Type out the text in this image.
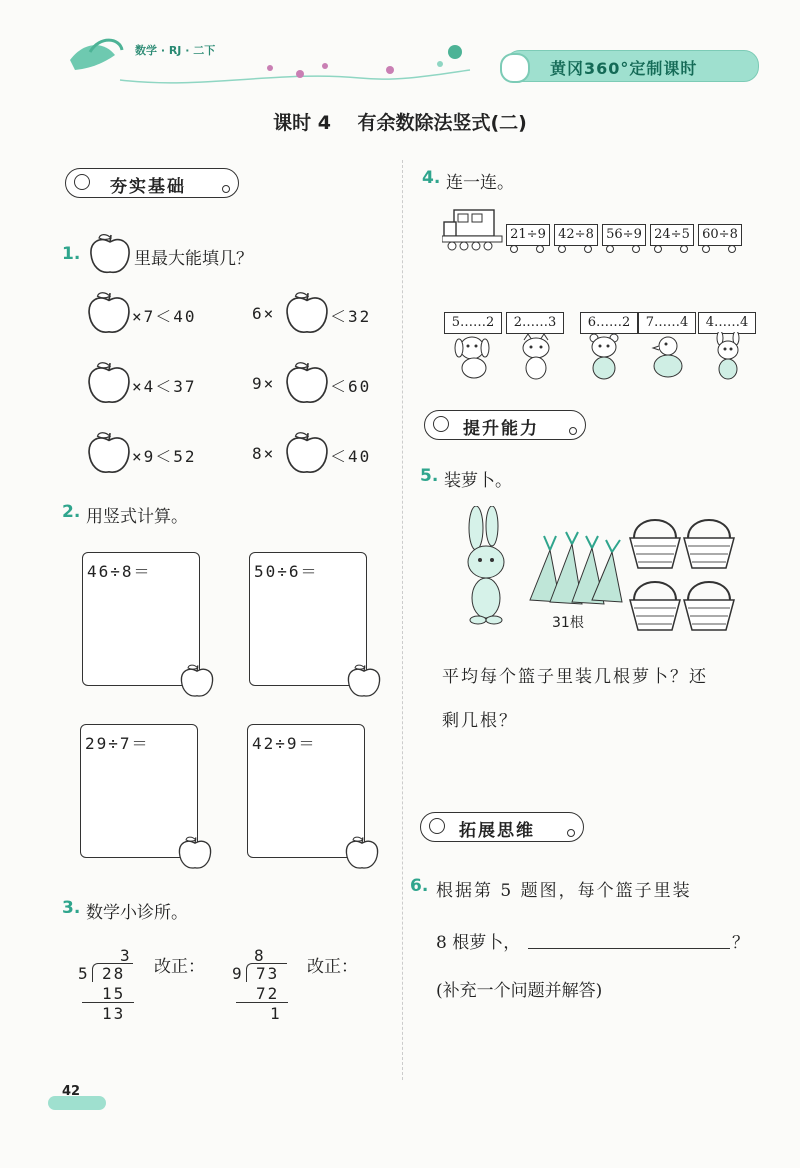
数学 · RJ · 二下
黄冈360°定制课时
课时 4    有余数除法竖式(二)
夯实基础
1.	里最大能填几？
×7＜40	6×	＜32
×4＜37	9×	＜60
×9＜52	8×	＜40
2. 用竖式计算。
46÷8＝	50÷6＝
29÷7＝	42÷9＝
3. 数学小诊所。
3
5 28
15
13
改正：
8
9 73
72
1
改正：
4. 连一连。
21÷9 42÷8 56÷9 24÷5 60÷8
5……2	2……3	6……2	7……4	4……4
提升能力
5. 装萝卜。
31根
平均每个篮子里装几根萝卜？还
剩几根？
拓展思维
6. 根据第 5 题图，每个篮子里装
8 根萝卜，	？
(补充一个问题并解答)
42
